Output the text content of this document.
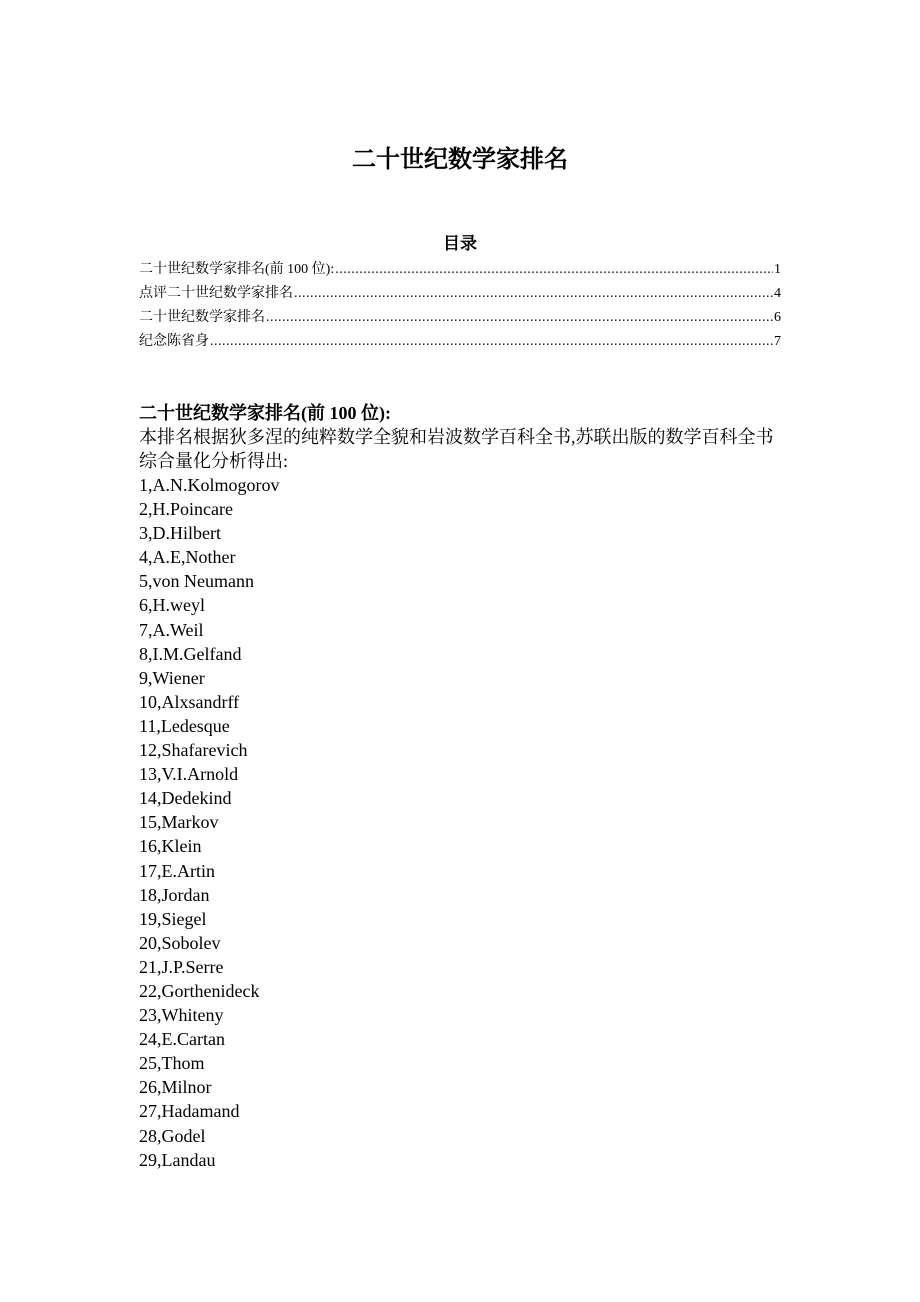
二十世纪数学家排名
目录
二十世纪数学家排名(前 100 位): .....	1
点评二十世纪数学家排名 .....	4
二十世纪数学家排名 .....	6
纪念陈省身 .....	7
二十世纪数学家排名(前 100 位):

本排名根据狄多涅的纯粹数学全貌和岩波数学百科全书,苏联出版的数学百科全书综合量化分析得出:

1,A.N.Kolmogorov
2,H.Poincare
3,D.Hilbert
4,A.E,Nother
5,von Neumann
6,H.weyl
7,A.Weil
8,I.M.Gelfand
9,Wiener
10,Alxsandrff
11,Ledesque
12,Shafarevich
13,V.I.Arnold
14,Dedekind
15,Markov
16,Klein
17,E.Artin
18,Jordan
19,Siegel
20,Sobolev
21,J.P.Serre
22,Gorthenideck
23,Whiteny
24,E.Cartan
25,Thom
26,Milnor
27,Hadamand
28,Godel
29,Landau
